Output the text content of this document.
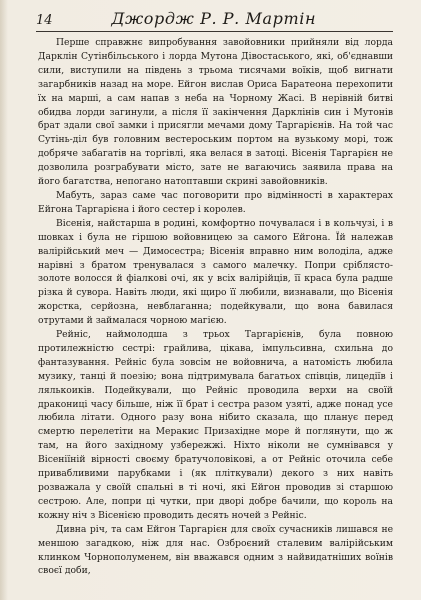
14	Джордж Р. Р. Мартін

Перше справжнє випробування завойовники прийняли від лорда Дарклін Сутінбільського і лорда Мутона Дівостаського, які, об'єднавши сили, виступили на південь з трьома тисячами воїків, щоб вигнати загарбників назад на море. Ейгон вислав Ориса Баратеона перехопити їх на марші, а сам напав з неба на Чорному Жасі. В нерівній битві обидва лорди загинули, а після її закінчення Дарклінів син і Мутонів брат здали свої замки і присягли мечами дому Таргарієнів. На той час Сутінь-діл був головним вестероським портом на вузькому морі, тож добряче забагатів на торгівлі, яка велася в затоці. Вісенія Таргарієн не дозволила розграбувати місто, зате не вагаючись заявила права на його багатства, непогано натоптавши скрині завойовників.

Мабуть, зараз саме час поговорити про відмінності в характерах Ейгона Таргарієна і його сестер і королев.

Вісенія, найстарша в родині, комфортно почувалася і в кольчузі, і в шовках і була не гіршою войовницею за самого Ейгона. Їй належав валірійський меч — Димосестра; Вісенія вправно ним володіла, адже нарівні з братом тренувалася з самого малечку. Попри сріблясто-золоте волосся й фіалкові очі, як у всіх валірійців, її краса була радше різка й сувора. Навіть люди, які щиро її любили, визнавали, що Вісенія жорстка, серйозна, невблаганна; подейкували, що вона бавилася отрутами й займалася чорною магією.

Рейніс, наймолодша з трьох Таргарієнів, була повною протилежністю сестрі: грайлива, цікава, імпульсивна, схильна до фантазування. Рейніс була зовсім не войовнича, а натомість любила музику, танці й поезію; вона підтримувала багатьох співців, лицедіїв і лялькоиків. Подейкували, що Рейніс проводила верхи на своїй дракониці часу більше, ніж її брат і сестра разом узяті, адже понад усе любила літати. Одного разу вона нібито сказала, що планує перед смертю перелетіти на Меракис Призахідне море й поглянути, що ж там, на його західному узбережжі. Ніхто ніколи не сумнівався у Вісеніїній вірності своєму братучоловікові, а от Рейніс оточила себе привабливими парубками і (як пліткували) декого з них навіть розважала у своїй спальні в ті ночі, які Ейгон проводив зі старшою сестрою. Але, попри ці чутки, при дворі добре бачили, що король на кожну ніч з Вісенією проводить десять ночей з Рейніс.

Дивна річ, та сам Ейгон Таргарієн для своїх сучасників лишався не меншою загадкою, ніж для нас. Озброєний сталевим валірійським клинком Чорнополуменем, він вважався одним з найвидатніших воїнів своєї доби,
